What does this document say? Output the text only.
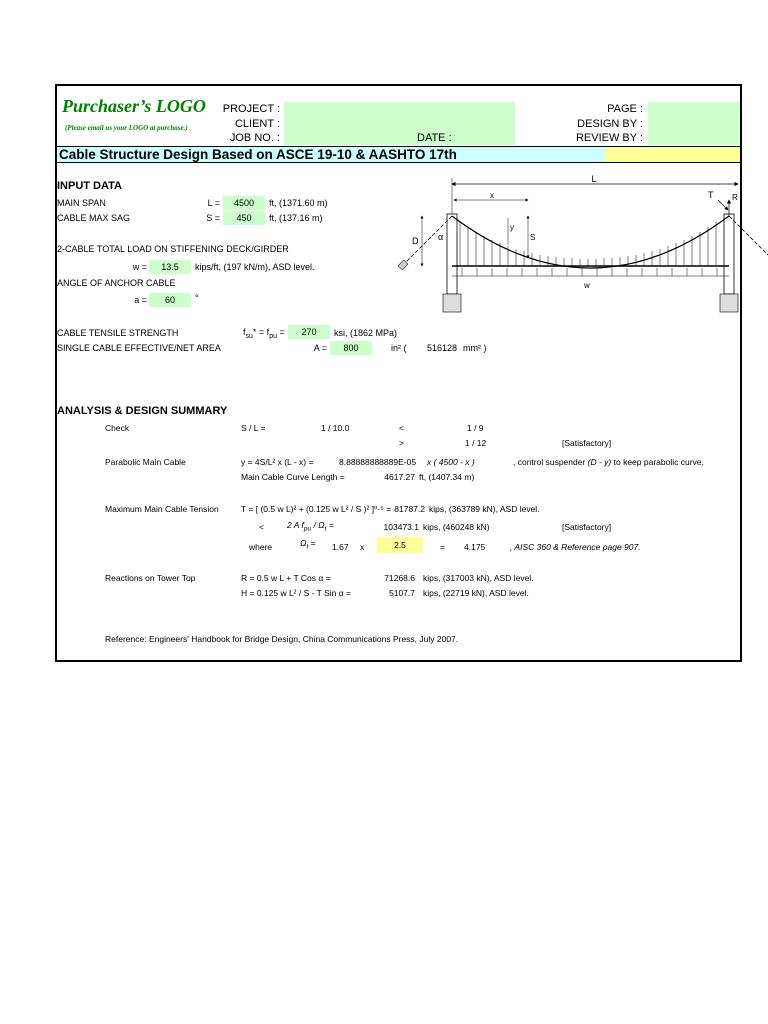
Purchaser’s LOGO
(Please email us your LOGO at purchase.)
PROJECT :
CLIENT :
JOB NO. :	DATE :
PAGE :
DESIGN BY :
REVIEW BY :
Cable Structure Design Based on ASCE 19-10 & AASHTO 17th
INPUT DATA
MAIN SPAN	L =	4500	ft, (1371.60 m)
CABLE MAX SAG	S =	450	ft, (137.16 m)
2-CABLE TOTAL LOAD ON STIFFENING DECK/GIRDER
w =	13.5	kips/ft, (197 kN/m), ASD level.
ANGLE OF ANCHOR CABLE
a =	60	°
CABLE TENSILE STRENGTH	$f_{su}* = f_{pu}$ =	270	ksi, (1862 MPa)
SINGLE CABLE EFFECTIVE/NET AREA	A =	800	in² ( 516128 mm² )
L
w
x
y
S
D α
T R
ANALYSIS & DESIGN SUMMARY
Check	S / L =	1 / 10.0	<	1 / 9
>	1 / 12	[Satisfactory]
Parabolic Main Cable	y = 4S/L² x (L - x) =	8.88888888889E-05 x ( 4500 - x )	, control suspender (D - y) to keep parabolic curve.
Main Cable Curve Length =	4617.27 ft, (1407.34 m)
Maximum Main Cable Tension	T = [ (0.5 w L)² + (0.125 w L² / S )² ]⁰·⁵ = 81787.2 kips, (363789 kN), ASD level.
<	2 A $f_{pu} / \Omega_t$ =	103473.1 kips, (460248 kN)	[Satisfactory]
where	$\Omega_t = 1.67$ x	2.5	= 4.175	, AISC 360 & Reference page 907.
Reactions on Tower Top	R = 0.5 w L + T Cos α =	71268.6 kips, (317003 kN), ASD level.
H = 0.125 w L² / S - T Sin α =	5107.7 kips, (22719 kN), ASD level.
Reference: Engineers' Handbook for Bridge Design, China Communications Press, July 2007.
